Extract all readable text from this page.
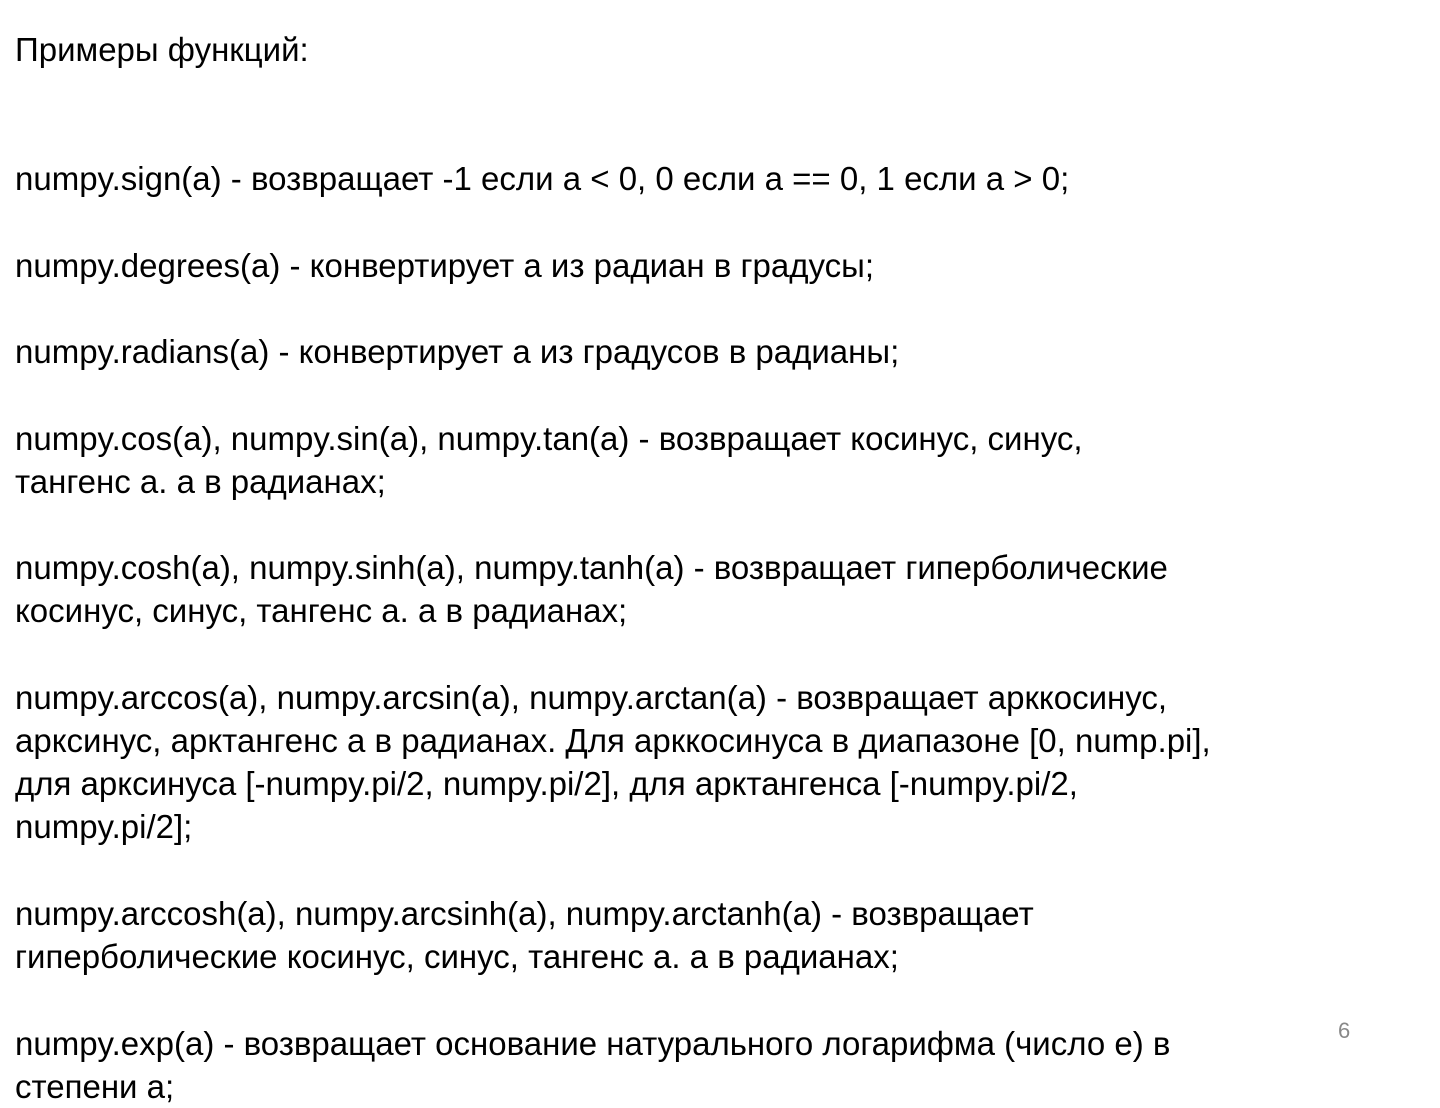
Примеры функций:
numpy.sign(a) - возвращает -1 если a < 0, 0 если a == 0, 1 если a > 0;
numpy.degrees(a) - конвертирует a из радиан в градусы;
numpy.radians(a) - конвертирует a из градусов в радианы;
numpy.cos(a), numpy.sin(a), numpy.tan(a) - возвращает косинус, синус,
тангенс a. a в радианах;
numpy.cosh(a), numpy.sinh(a), numpy.tanh(a) - возвращает гиперболические
косинус, синус, тангенс a. a в радианах;
numpy.arccos(a), numpy.arcsin(a), numpy.arctan(a) - возвращает арккосинус,
арксинус, арктангенс a в радианах. Для арккосинуса в диапазоне [0, nump.pi],
для арксинуса [-numpy.pi/2, numpy.pi/2], для арктангенса [-numpy.pi/2,
numpy.pi/2];
numpy.arccosh(a), numpy.arcsinh(a), numpy.arctanh(a) - возвращает
гиперболические косинус, синус, тангенс a. a в радианах;
numpy.exp(a) - возвращает основание натурального логарифма (число e) в
степени a;
6
